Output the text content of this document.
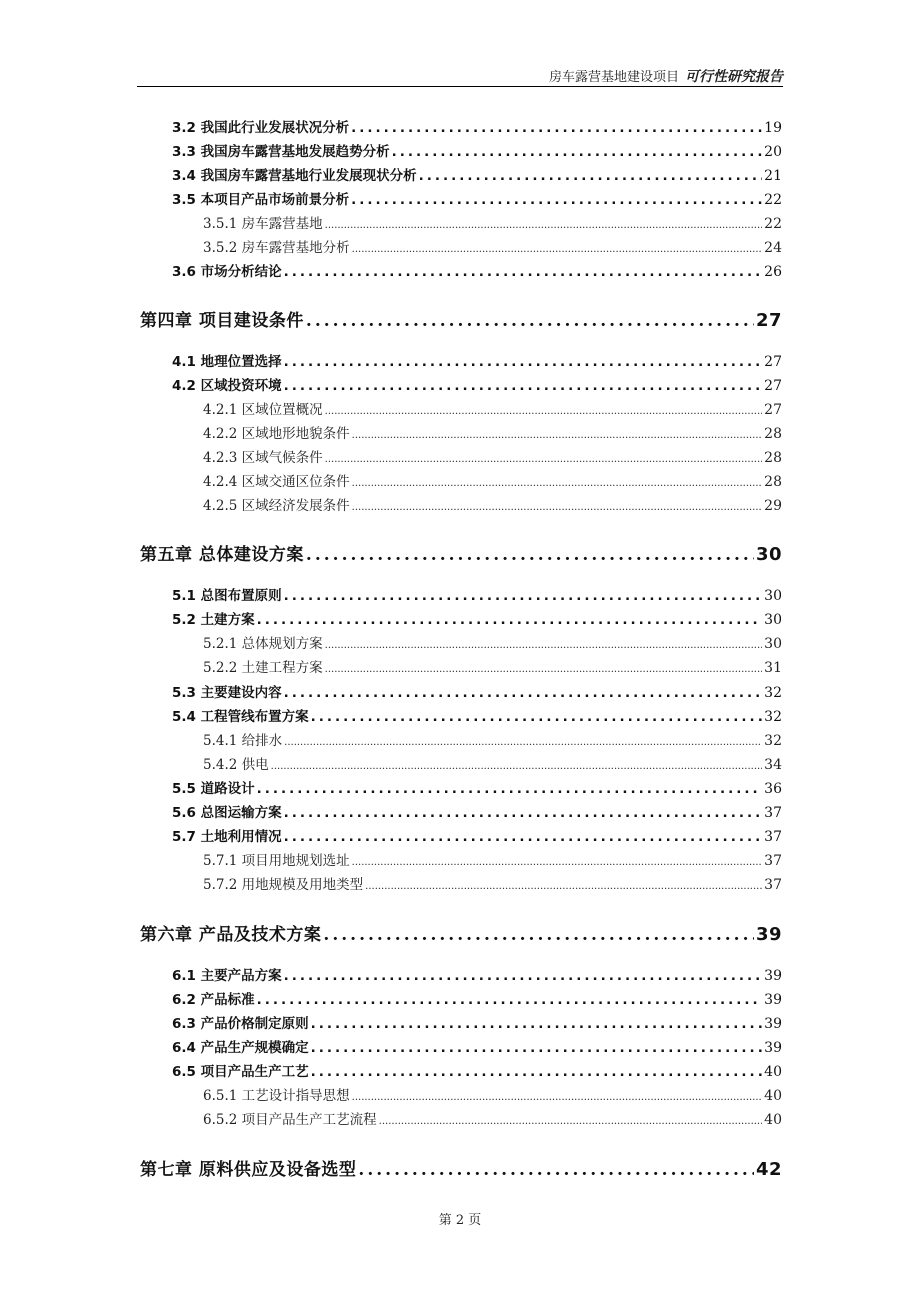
房车露营基地建设项目 可行性研究报告
3.2 我国此行业发展状况分析 .....	19
3.3 我国房车露营基地发展趋势分析 .....	20
3.4 我国房车露营基地行业发展现状分析 .....	21
3.5 本项目产品市场前景分析 .....	22
3.5.1 房车露营基地 .....	22
3.5.2 房车露营基地分析 .....	24
3.6 市场分析结论 .....	26
第四章 项目建设条件 .....	27
4.1 地理位置选择 .....	27
4.2 区域投资环境 .....	27
4.2.1 区域位置概况 .....	27
4.2.2 区域地形地貌条件 .....	28
4.2.3 区域气候条件 .....	28
4.2.4 区域交通区位条件 .....	28
4.2.5 区域经济发展条件 .....	29
第五章 总体建设方案 .....	30
5.1 总图布置原则 .....	30
5.2 土建方案 .....	30
5.2.1 总体规划方案 .....	30
5.2.2 土建工程方案 .....	31
5.3 主要建设内容 .....	32
5.4 工程管线布置方案 .....	32
5.4.1 给排水 .....	32
5.4.2 供电 .....	34
5.5 道路设计 .....	36
5.6 总图运输方案 .....	37
5.7 土地利用情况 .....	37
5.7.1 项目用地规划选址 .....	37
5.7.2 用地规模及用地类型 .....	37
第六章 产品及技术方案 .....	39
6.1 主要产品方案 .....	39
6.2 产品标准 .....	39
6.3 产品价格制定原则 .....	39
6.4 产品生产规模确定 .....	39
6.5 项目产品生产工艺 .....	40
6.5.1 工艺设计指导思想 .....	40
6.5.2 项目产品生产工艺流程 .....	40
第七章 原料供应及设备选型 .....	42
第 2 页
